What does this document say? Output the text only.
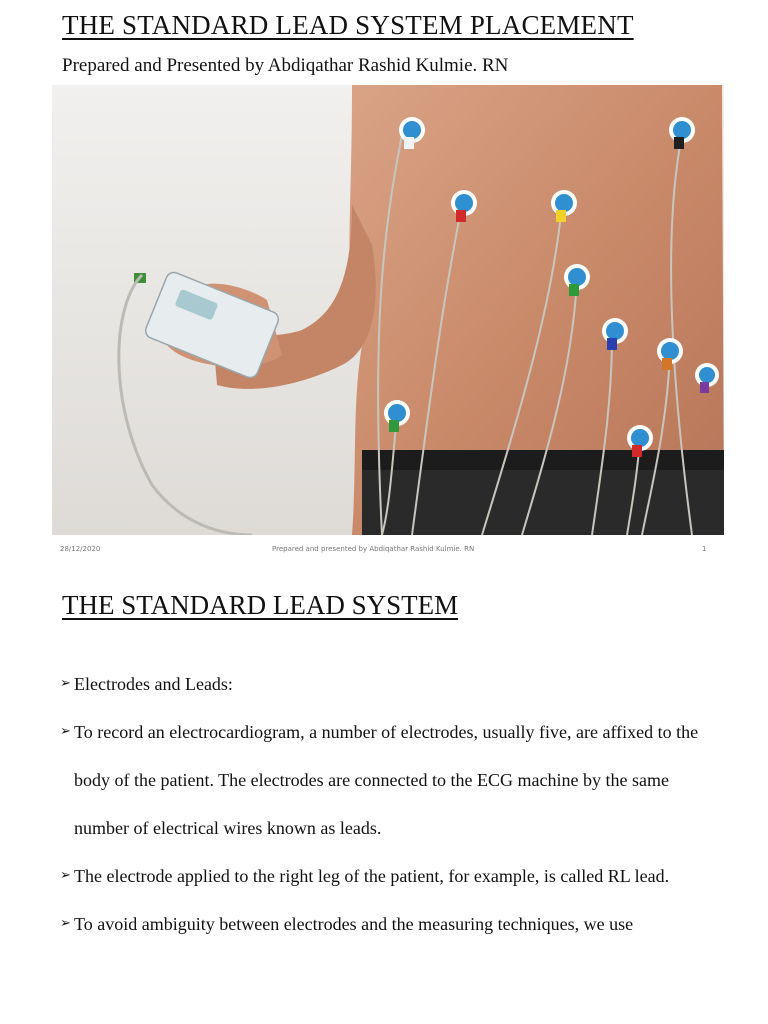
THE STANDARD LEAD SYSTEM PLACEMENT
Prepared and Presented by Abdiqathar Rashid Kulmie. RN
28/12/2020	Prepared and presented by Abdiqathar Rashid Kulmie. RN	1
THE STANDARD LEAD SYSTEM

➢ Electrodes and Leads:

➢ To record an electrocardiogram, a number of electrodes, usually five, are affixed to the body of the patient. The electrodes are connected to the ECG machine by the same number of electrical wires known as leads.

➢ The electrode applied to the right leg of the patient, for example, is called RL lead.

➢ To avoid ambiguity between electrodes and the measuring techniques, we use
